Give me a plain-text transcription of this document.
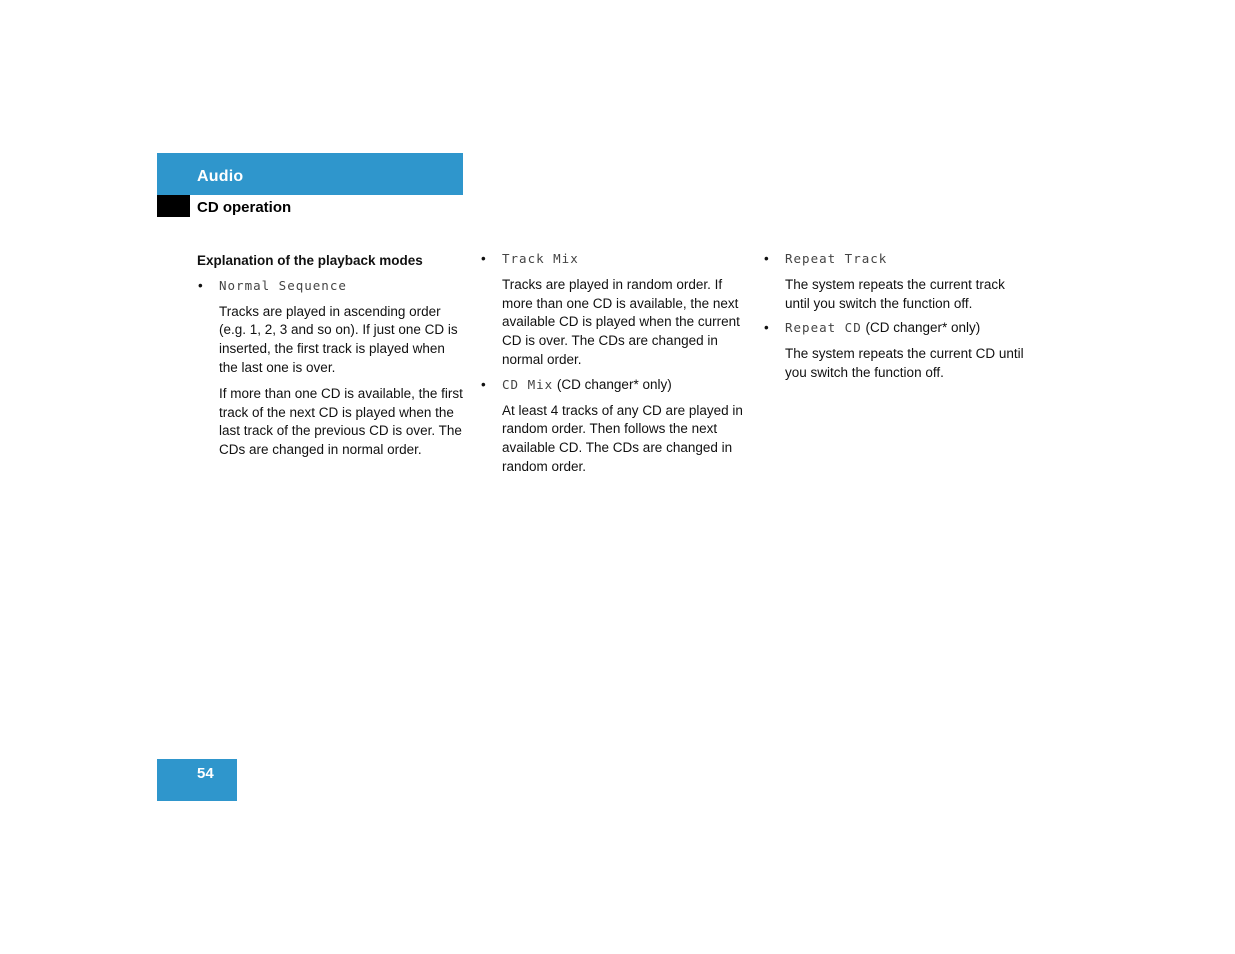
Audio
CD operation
Explanation of the playback modes

• Normal Sequence

Tracks are played in ascending order (e.g. 1, 2, 3 and so on). If just one CD is inserted, the first track is played when the last one is over.

If more than one CD is available, the first track of the next CD is played when the last track of the previous CD is over. The CDs are changed in normal order.

• Track Mix

Tracks are played in random order. If more than one CD is available, the next available CD is played when the current CD is over. The CDs are changed in normal order.

• CD Mix (CD changer* only)

At least 4 tracks of any CD are played in random order. Then follows the next available CD. The CDs are changed in random order.

• Repeat Track

The system repeats the current track until you switch the function off.

• Repeat CD (CD changer* only)

The system repeats the current CD until you switch the function off.

54
